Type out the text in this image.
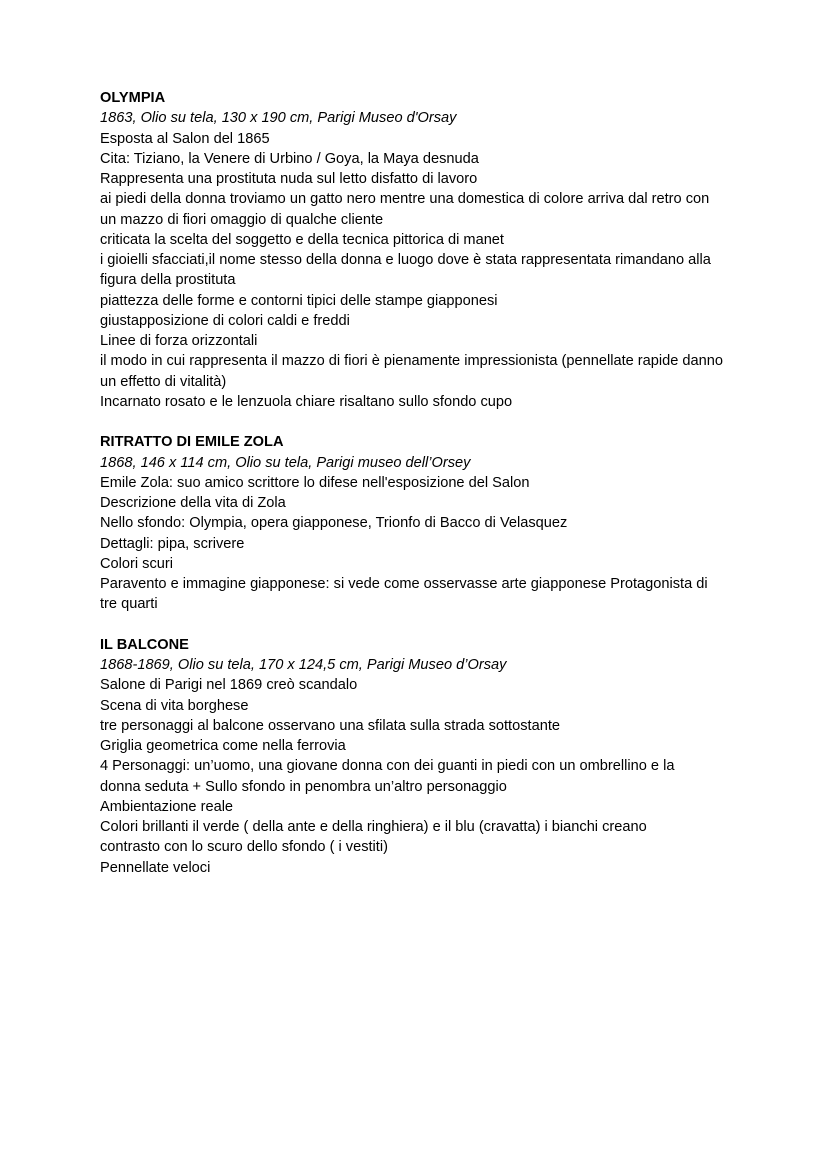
OLYMPIA

1863, Olio su tela, 130 x 190 cm, Parigi Museo d'Orsay

Esposta al Salon del 1865

Cita: Tiziano, la Venere di Urbino / Goya, la Maya desnuda

Rappresenta una prostituta nuda sul letto disfatto di lavoro

ai piedi della donna troviamo un gatto nero mentre una domestica di colore arriva dal retro con un mazzo di fiori omaggio di qualche cliente

criticata la scelta del soggetto e della tecnica pittorica di manet

i gioielli sfacciati,il nome stesso della donna e luogo dove è stata rappresentata rimandano alla figura della prostituta

piattezza delle forme e contorni tipici delle stampe giapponesi

giustapposizione di colori caldi e freddi

Linee di forza orizzontali

il modo in cui rappresenta il mazzo di fiori è pienamente impressionista (pennellate rapide danno un effetto di vitalità)

Incarnato rosato e le lenzuola chiare risaltano sullo sfondo cupo

RITRATTO DI EMILE ZOLA

1868, 146 x 114 cm, Olio su tela, Parigi museo dell’Orsey

Emile Zola: suo amico scrittore lo difese nell'esposizione del Salon

Descrizione della vita di Zola

Nello sfondo: Olympia, opera giapponese, Trionfo di Bacco di Velasquez

Dettagli: pipa, scrivere

Colori scuri

Paravento e immagine giapponese: si vede come osservasse arte giapponese Protagonista di tre quarti

IL BALCONE

1868-1869, Olio su tela, 170 x 124,5 cm, Parigi Museo d’Orsay

Salone di Parigi nel 1869 creò scandalo

Scena di vita borghese

tre personaggi al balcone osservano una sfilata sulla strada sottostante

Griglia geometrica come nella ferrovia

4 Personaggi: un’uomo, una giovane donna con dei guanti in piedi con un ombrellino e la donna seduta + Sullo sfondo in penombra un’altro personaggio

Ambientazione reale

Colori brillanti il verde ( della ante e della ringhiera) e il blu (cravatta) i bianchi creano contrasto con lo scuro dello sfondo ( i vestiti)

Pennellate veloci
